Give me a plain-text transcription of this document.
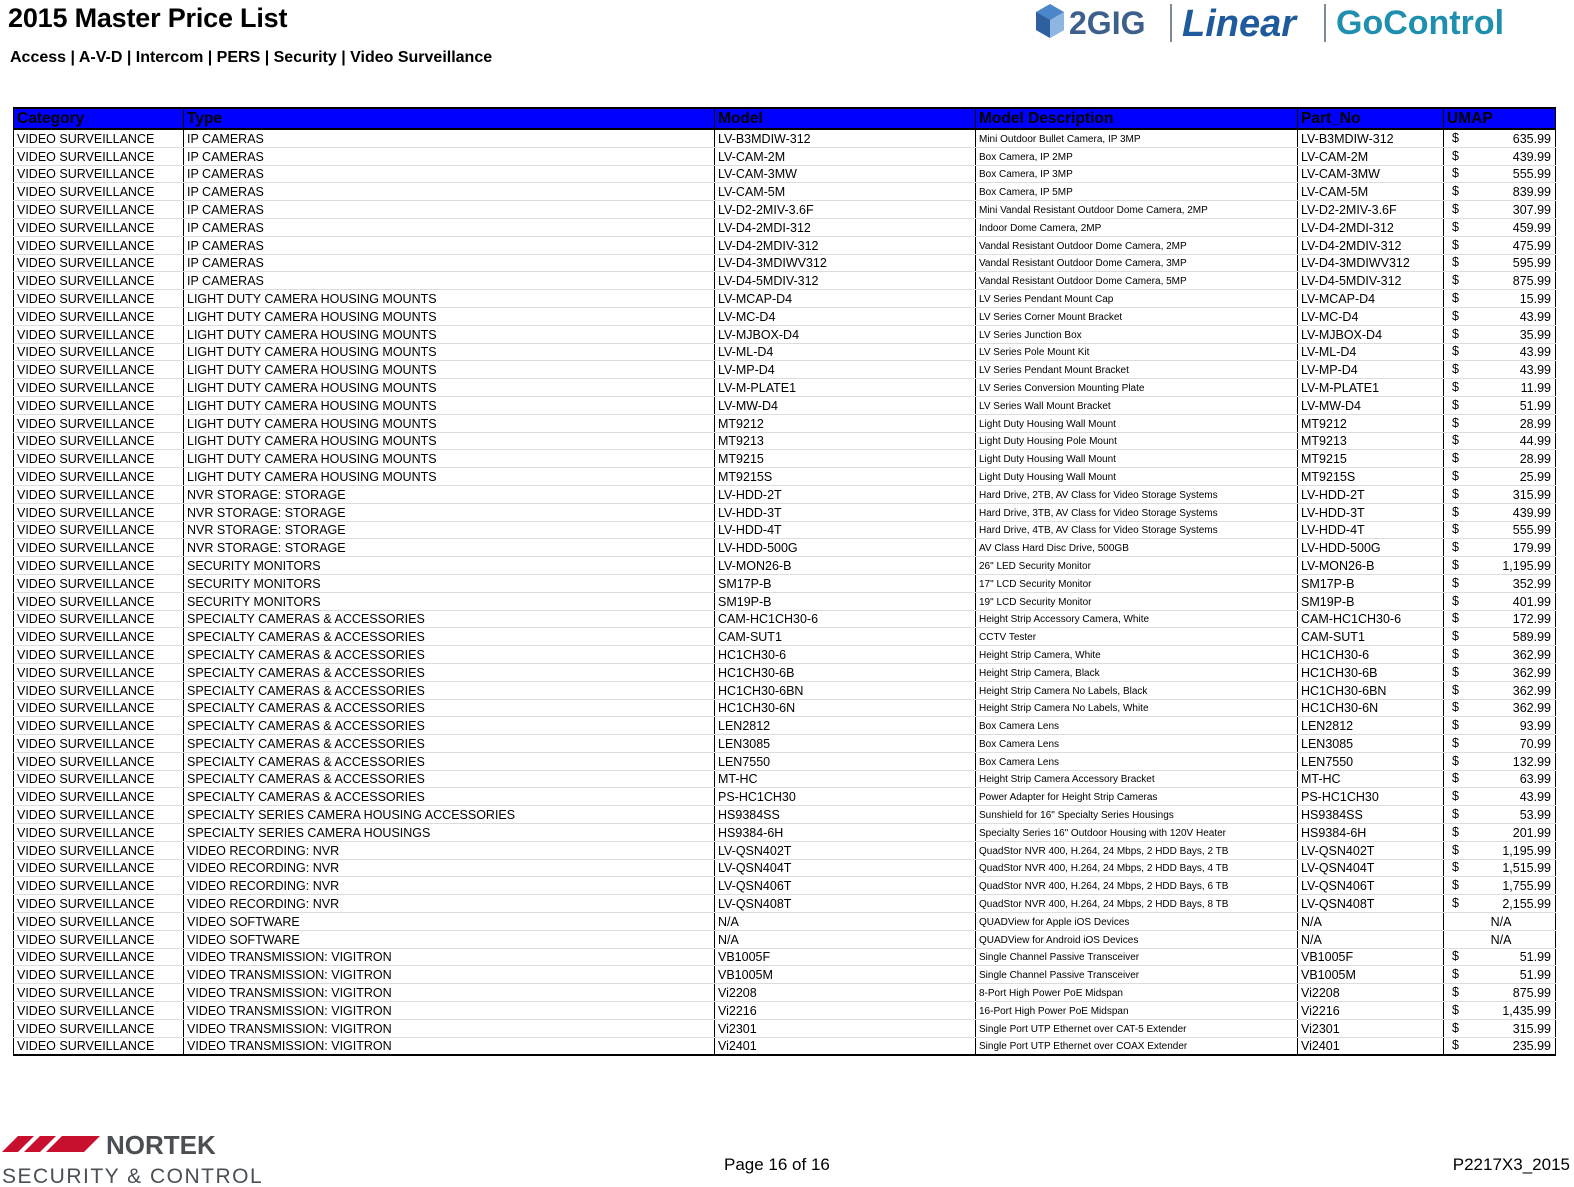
2015 Master Price List
Access | A-V-D | Intercom | PERS | Security | Video Surveillance
2GIG Linear GoControl
Category	Type	Model	Model Description	Part_No	UMAP
VIDEO SURVEILLANCE	IP CAMERAS	LV-B3MDIW-312	Mini Outdoor Bullet Camera, IP 3MP	LV-B3MDIW-312	$ 635.99
VIDEO SURVEILLANCE	IP CAMERAS	LV-CAM-2M	Box Camera, IP 2MP	LV-CAM-2M	$ 439.99
VIDEO SURVEILLANCE	IP CAMERAS	LV-CAM-3MW	Box Camera, IP 3MP	LV-CAM-3MW	$ 555.99
VIDEO SURVEILLANCE	IP CAMERAS	LV-CAM-5M	Box Camera, IP 5MP	LV-CAM-5M	$ 839.99
VIDEO SURVEILLANCE	IP CAMERAS	LV-D2-2MIV-3.6F	Mini Vandal Resistant Outdoor Dome Camera, 2MP	LV-D2-2MIV-3.6F	$ 307.99
VIDEO SURVEILLANCE	IP CAMERAS	LV-D4-2MDI-312	Indoor Dome Camera, 2MP	LV-D4-2MDI-312	$ 459.99
VIDEO SURVEILLANCE	IP CAMERAS	LV-D4-2MDIV-312	Vandal Resistant Outdoor Dome Camera, 2MP	LV-D4-2MDIV-312	$ 475.99
VIDEO SURVEILLANCE	IP CAMERAS	LV-D4-3MDIWV312	Vandal Resistant Outdoor Dome Camera, 3MP	LV-D4-3MDIWV312	$ 595.99
VIDEO SURVEILLANCE	IP CAMERAS	LV-D4-5MDIV-312	Vandal Resistant Outdoor Dome Camera, 5MP	LV-D4-5MDIV-312	$ 875.99
VIDEO SURVEILLANCE	LIGHT DUTY CAMERA HOUSING MOUNTS	LV-MCAP-D4	LV Series Pendant Mount Cap	LV-MCAP-D4	$ 15.99
VIDEO SURVEILLANCE	LIGHT DUTY CAMERA HOUSING MOUNTS	LV-MC-D4	LV Series Corner Mount Bracket	LV-MC-D4	$ 43.99
VIDEO SURVEILLANCE	LIGHT DUTY CAMERA HOUSING MOUNTS	LV-MJBOX-D4	LV Series Junction Box	LV-MJBOX-D4	$ 35.99
VIDEO SURVEILLANCE	LIGHT DUTY CAMERA HOUSING MOUNTS	LV-ML-D4	LV Series Pole Mount Kit	LV-ML-D4	$ 43.99
VIDEO SURVEILLANCE	LIGHT DUTY CAMERA HOUSING MOUNTS	LV-MP-D4	LV Series Pendant Mount Bracket	LV-MP-D4	$ 43.99
VIDEO SURVEILLANCE	LIGHT DUTY CAMERA HOUSING MOUNTS	LV-M-PLATE1	LV Series Conversion Mounting Plate	LV-M-PLATE1	$ 11.99
VIDEO SURVEILLANCE	LIGHT DUTY CAMERA HOUSING MOUNTS	LV-MW-D4	LV Series Wall Mount Bracket	LV-MW-D4	$ 51.99
VIDEO SURVEILLANCE	LIGHT DUTY CAMERA HOUSING MOUNTS	MT9212	Light Duty Housing Wall Mount	MT9212	$ 28.99
VIDEO SURVEILLANCE	LIGHT DUTY CAMERA HOUSING MOUNTS	MT9213	Light Duty Housing Pole Mount	MT9213	$ 44.99
VIDEO SURVEILLANCE	LIGHT DUTY CAMERA HOUSING MOUNTS	MT9215	Light Duty Housing Wall Mount	MT9215	$ 28.99
VIDEO SURVEILLANCE	LIGHT DUTY CAMERA HOUSING MOUNTS	MT9215S	Light Duty Housing Wall Mount	MT9215S	$ 25.99
VIDEO SURVEILLANCE	NVR STORAGE: STORAGE	LV-HDD-2T	Hard Drive, 2TB, AV Class for Video Storage Systems	LV-HDD-2T	$ 315.99
VIDEO SURVEILLANCE	NVR STORAGE: STORAGE	LV-HDD-3T	Hard Drive, 3TB, AV Class for Video Storage Systems	LV-HDD-3T	$ 439.99
VIDEO SURVEILLANCE	NVR STORAGE: STORAGE	LV-HDD-4T	Hard Drive, 4TB, AV Class for Video Storage Systems	LV-HDD-4T	$ 555.99
VIDEO SURVEILLANCE	NVR STORAGE: STORAGE	LV-HDD-500G	AV Class Hard Disc Drive, 500GB	LV-HDD-500G	$ 179.99
VIDEO SURVEILLANCE	SECURITY MONITORS	LV-MON26-B	26" LED Security Monitor	LV-MON26-B	$ 1,195.99
VIDEO SURVEILLANCE	SECURITY MONITORS	SM17P-B	17" LCD Security Monitor	SM17P-B	$ 352.99
VIDEO SURVEILLANCE	SECURITY MONITORS	SM19P-B	19" LCD Security Monitor	SM19P-B	$ 401.99
VIDEO SURVEILLANCE	SPECIALTY CAMERAS & ACCESSORIES	CAM-HC1CH30-6	Height Strip Accessory Camera, White	CAM-HC1CH30-6	$ 172.99
VIDEO SURVEILLANCE	SPECIALTY CAMERAS & ACCESSORIES	CAM-SUT1	CCTV Tester	CAM-SUT1	$ 589.99
VIDEO SURVEILLANCE	SPECIALTY CAMERAS & ACCESSORIES	HC1CH30-6	Height Strip Camera, White	HC1CH30-6	$ 362.99
VIDEO SURVEILLANCE	SPECIALTY CAMERAS & ACCESSORIES	HC1CH30-6B	Height Strip Camera, Black	HC1CH30-6B	$ 362.99
VIDEO SURVEILLANCE	SPECIALTY CAMERAS & ACCESSORIES	HC1CH30-6BN	Height Strip Camera No Labels, Black	HC1CH30-6BN	$ 362.99
VIDEO SURVEILLANCE	SPECIALTY CAMERAS & ACCESSORIES	HC1CH30-6N	Height Strip Camera No Labels, White	HC1CH30-6N	$ 362.99
VIDEO SURVEILLANCE	SPECIALTY CAMERAS & ACCESSORIES	LEN2812	Box Camera Lens	LEN2812	$ 93.99
VIDEO SURVEILLANCE	SPECIALTY CAMERAS & ACCESSORIES	LEN3085	Box Camera Lens	LEN3085	$ 70.99
VIDEO SURVEILLANCE	SPECIALTY CAMERAS & ACCESSORIES	LEN7550	Box Camera Lens	LEN7550	$ 132.99
VIDEO SURVEILLANCE	SPECIALTY CAMERAS & ACCESSORIES	MT-HC	Height Strip Camera Accessory Bracket	MT-HC	$ 63.99
VIDEO SURVEILLANCE	SPECIALTY CAMERAS & ACCESSORIES	PS-HC1CH30	Power Adapter for Height Strip Cameras	PS-HC1CH30	$ 43.99
VIDEO SURVEILLANCE	SPECIALTY SERIES CAMERA HOUSING ACCESSORIES	HS9384SS	Sunshield for 16" Specialty Series Housings	HS9384SS	$ 53.99
VIDEO SURVEILLANCE	SPECIALTY SERIES CAMERA HOUSINGS	HS9384-6H	Specialty Series 16" Outdoor Housing with 120V Heater	HS9384-6H	$ 201.99
VIDEO SURVEILLANCE	VIDEO RECORDING: NVR	LV-QSN402T	QuadStor NVR 400, H.264, 24 Mbps, 2 HDD Bays, 2 TB	LV-QSN402T	$ 1,195.99
VIDEO SURVEILLANCE	VIDEO RECORDING: NVR	LV-QSN404T	QuadStor NVR 400, H.264, 24 Mbps, 2 HDD Bays, 4 TB	LV-QSN404T	$ 1,515.99
VIDEO SURVEILLANCE	VIDEO RECORDING: NVR	LV-QSN406T	QuadStor NVR 400, H.264, 24 Mbps, 2 HDD Bays, 6 TB	LV-QSN406T	$ 1,755.99
VIDEO SURVEILLANCE	VIDEO RECORDING: NVR	LV-QSN408T	QuadStor NVR 400, H.264, 24 Mbps, 2 HDD Bays, 8 TB	LV-QSN408T	$ 2,155.99
VIDEO SURVEILLANCE	VIDEO SOFTWARE	N/A	QUADView for Apple iOS Devices	N/A	N/A
VIDEO SURVEILLANCE	VIDEO SOFTWARE	N/A	QUADView for Android iOS Devices	N/A	N/A
VIDEO SURVEILLANCE	VIDEO TRANSMISSION: VIGITRON	VB1005F	Single Channel Passive Transceiver	VB1005F	$ 51.99
VIDEO SURVEILLANCE	VIDEO TRANSMISSION: VIGITRON	VB1005M	Single Channel Passive Transceiver	VB1005M	$ 51.99
VIDEO SURVEILLANCE	VIDEO TRANSMISSION: VIGITRON	Vi2208	8-Port High Power PoE Midspan	Vi2208	$ 875.99
VIDEO SURVEILLANCE	VIDEO TRANSMISSION: VIGITRON	Vi2216	16-Port High Power PoE Midspan	Vi2216	$ 1,435.99
VIDEO SURVEILLANCE	VIDEO TRANSMISSION: VIGITRON	Vi2301	Single Port UTP Ethernet over CAT-5 Extender	Vi2301	$ 315.99
VIDEO SURVEILLANCE	VIDEO TRANSMISSION: VIGITRON	Vi2401	Single Port UTP Ethernet over COAX Extender	Vi2401	$ 235.99
NORTEK
SECURITY & CONTROL
Page 16 of 16	P2217X3_2015
